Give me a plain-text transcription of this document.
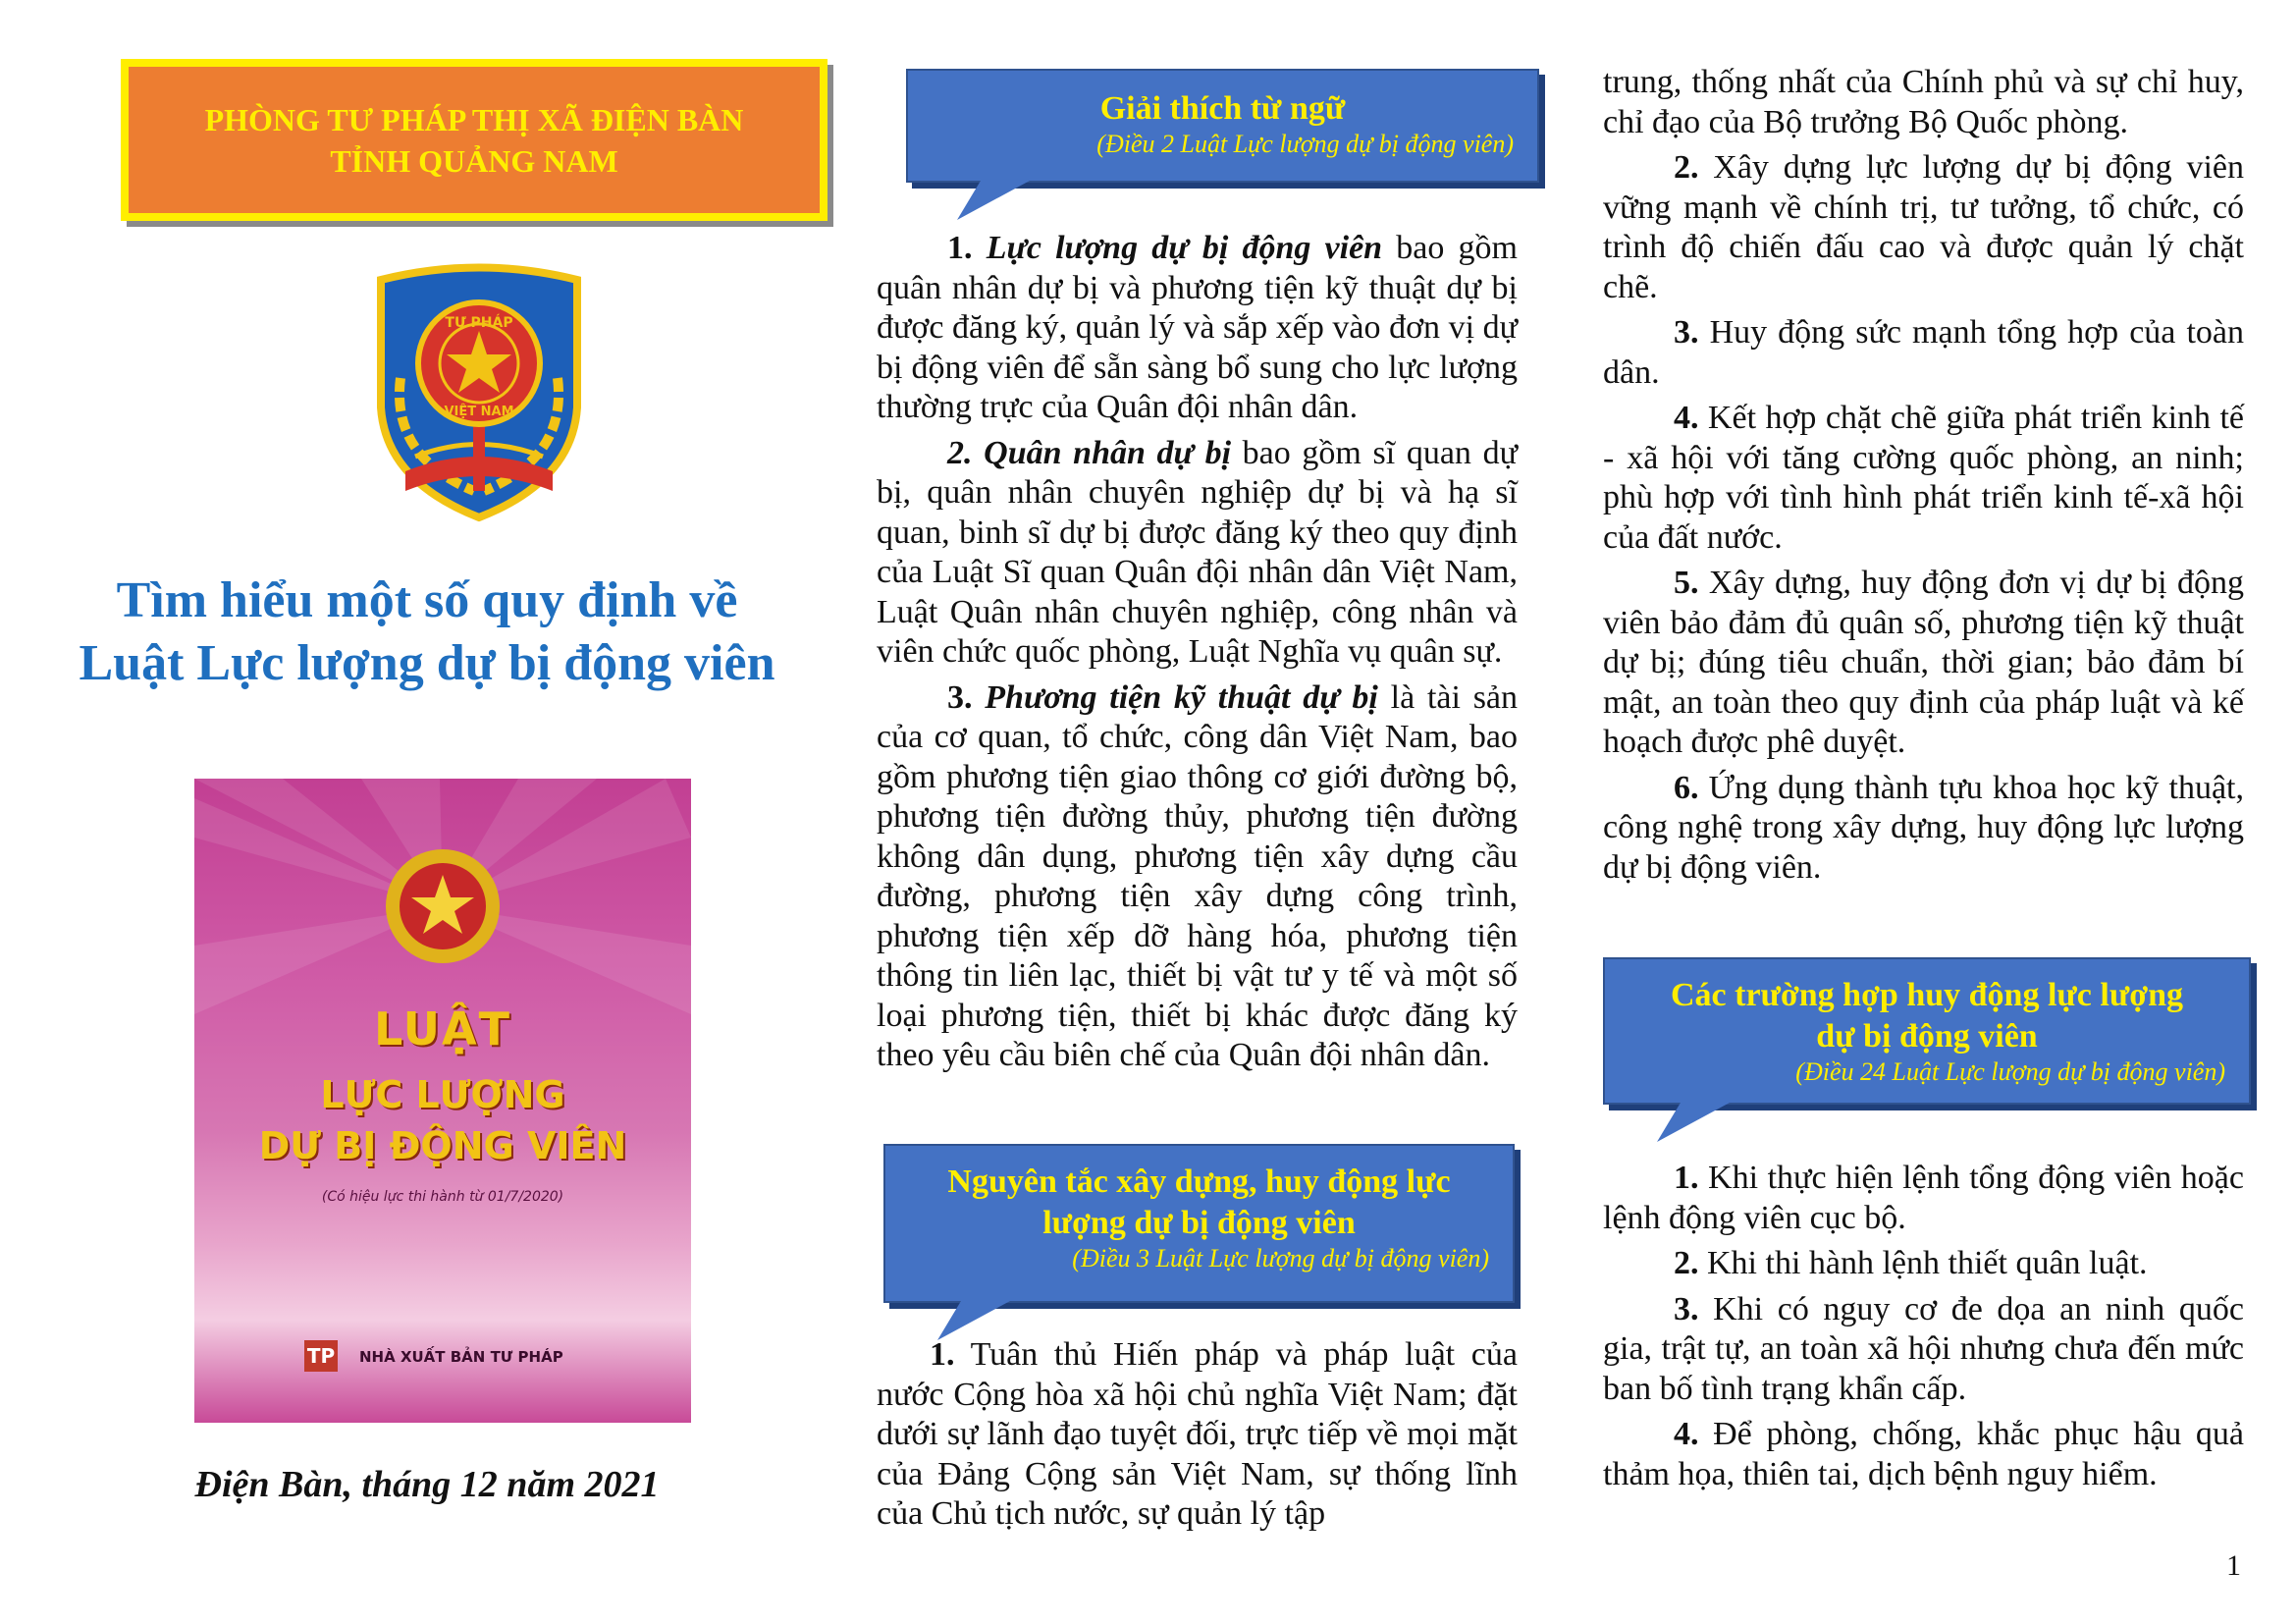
PHÒNG TƯ PHÁP THỊ XÃ ĐIỆN BÀN
TỈNH QUẢNG NAM
TƯ PHÁP
VIỆT NAM
Tìm hiểu một số quy định về
Luật Lực lượng dự bị động viên
LUẬT
LỰC LƯỢNG
DỰ BỊ ĐỘNG VIÊN
(Có hiệu lực thi hành từ 01/7/2020)
TP NHÀ XUẤT BẢN TƯ PHÁP
Điện Bàn, tháng 12 năm 2021
Giải thích từ ngữ
(Điều 2 Luật Lực lượng dự bị động viên)

1. Lực lượng dự bị động viên bao gồm quân nhân dự bị và phương tiện kỹ thuật dự bị được đăng ký, quản lý và sắp xếp vào đơn vị dự bị động viên để sẵn sàng bổ sung cho lực lượng thường trực của Quân đội nhân dân.

2. Quân nhân dự bị bao gồm sĩ quan dự bị, quân nhân chuyên nghiệp dự bị và hạ sĩ quan, binh sĩ dự bị được đăng ký theo quy định của Luật Sĩ quan Quân đội nhân dân Việt Nam, Luật Quân nhân chuyên nghiệp, công nhân và viên chức quốc phòng, Luật Nghĩa vụ quân sự.

3. Phương tiện kỹ thuật dự bị là tài sản của cơ quan, tổ chức, công dân Việt Nam, bao gồm phương tiện giao thông cơ giới đường bộ, phương tiện đường thủy, phương tiện đường không dân dụng, phương tiện xây dựng cầu đường, phương tiện xây dựng công trình, phương tiện xếp dỡ hàng hóa, phương tiện thông tin liên lạc, thiết bị vật tư y tế và một số loại phương tiện, thiết bị khác được đăng ký theo yêu cầu biên chế của Quân đội nhân dân.

Nguyên tắc xây dựng, huy động lực
lượng dự bị động viên
(Điều 3 Luật Lực lượng dự bị động viên)

1. Tuân thủ Hiến pháp và pháp luật của nước Cộng hòa xã hội chủ nghĩa Việt Nam; đặt dưới sự lãnh đạo tuyệt đối, trực tiếp về mọi mặt của Đảng Cộng sản Việt Nam, sự thống lĩnh của Chủ tịch nước, sự quản lý tập

trung, thống nhất của Chính phủ và sự chỉ huy, chỉ đạo của Bộ trưởng Bộ Quốc phòng.

2. Xây dựng lực lượng dự bị động viên vững mạnh về chính trị, tư tưởng, tổ chức, có trình độ chiến đấu cao và được quản lý chặt chẽ.

3. Huy động sức mạnh tổng hợp của toàn dân.

4. Kết hợp chặt chẽ giữa phát triển kinh tế - xã hội với tăng cường quốc phòng, an ninh; phù hợp với tình hình phát triển kinh tế-xã hội của đất nước.

5. Xây dựng, huy động đơn vị dự bị động viên bảo đảm đủ quân số, phương tiện kỹ thuật dự bị; đúng tiêu chuẩn, thời gian; bảo đảm bí mật, an toàn theo quy định của pháp luật và kế hoạch được phê duyệt.

6. Ứng dụng thành tựu khoa học kỹ thuật, công nghệ trong xây dựng, huy động lực lượng dự bị động viên.

Các trường hợp huy động lực lượng
dự bị động viên
(Điều 24 Luật Lực lượng dự bị động viên)

1. Khi thực hiện lệnh tổng động viên hoặc lệnh động viên cục bộ.

2. Khi thi hành lệnh thiết quân luật.

3. Khi có nguy cơ đe dọa an ninh quốc gia, trật tự, an toàn xã hội nhưng chưa đến mức ban bố tình trạng khẩn cấp.

4. Để phòng, chống, khắc phục hậu quả thảm họa, thiên tai, dịch bệnh nguy hiểm.

1
